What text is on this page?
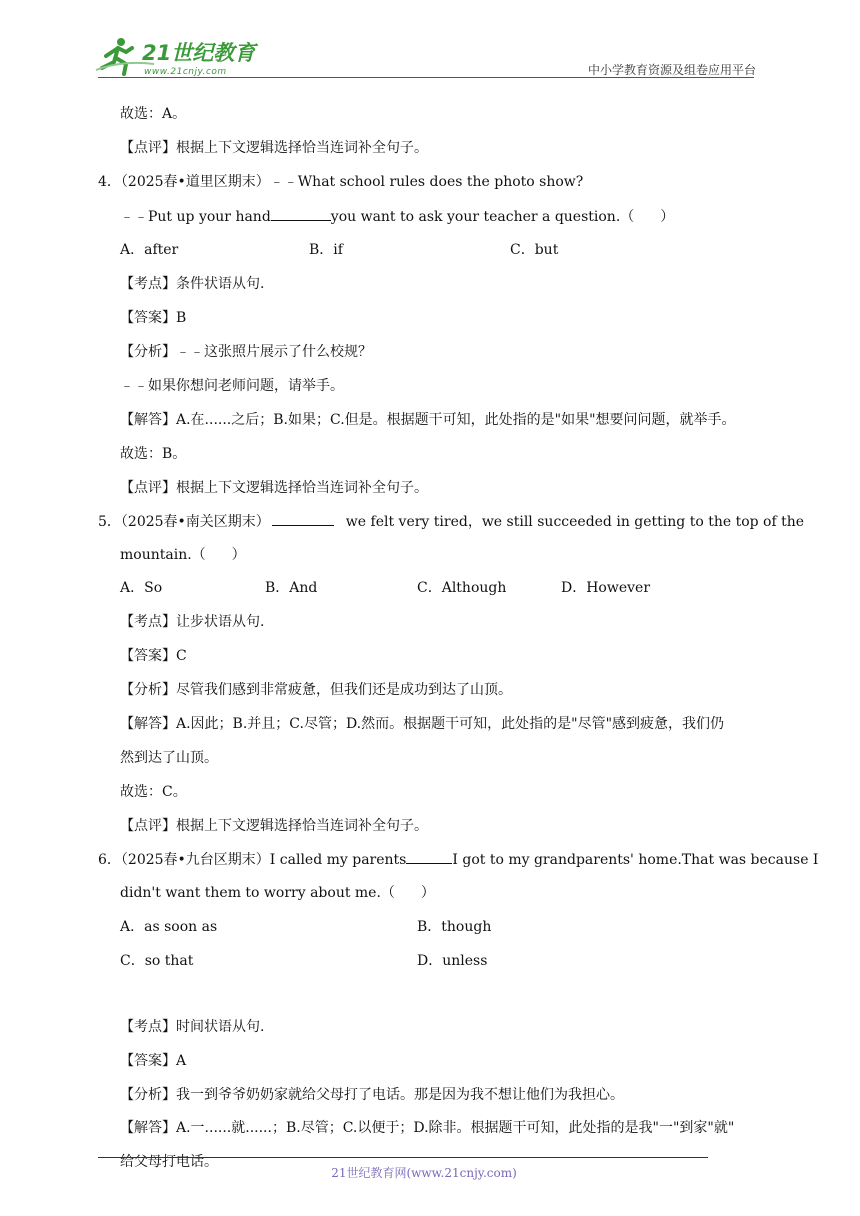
21世纪教育
www.21cnjy.com	中小学教育资源及组卷应用平台
故选：A。
【点评】根据上下文逻辑选择恰当连词补全句子。
4．（2025春•道里区期末）﹣﹣What school rules does the photo show?
﹣﹣Put up your hand	you want to ask your teacher a question.（ ）
A．after	B．if	C．but
【考点】条件状语从句.
【答案】B
【分析】﹣﹣这张照片展示了什么校规？
﹣﹣如果你想问老师问题，请举手。
【解答】A.在......之后；B.如果；C.但是。根据题干可知，此处指的是"如果"想要问问题，就举手。
故选：B。
【点评】根据上下文逻辑选择恰当连词补全句子。
5．（2025春•南关区期末）	we felt very tired，we still succeeded in getting to the top of the
mountain.（ ）
A．So	B．And	C．Although	D．However
【考点】让步状语从句.
【答案】C
【分析】尽管我们感到非常疲惫，但我们还是成功到达了山顶。
【解答】A.因此；B.并且；C.尽管；D.然而。根据题干可知，此处指的是"尽管"感到疲惫，我们仍
然到达了山顶。
故选：C。
【点评】根据上下文逻辑选择恰当连词补全句子。
6．（2025春•九台区期末）I called my parents	I got to my grandparents' home.That was because I
didn't want them to worry about me.（ ）
A．as soon as	B．though
C．so that	D．unless
【考点】时间状语从句.
【答案】A
【分析】我一到爷爷奶奶家就给父母打了电话。那是因为我不想让他们为我担心。
【解答】A.一......就......；B.尽管；C.以便于；D.除非。根据题干可知，此处指的是我"一"到家"就"
给父母打电话。
21世纪教育网(www.21cnjy.com)
